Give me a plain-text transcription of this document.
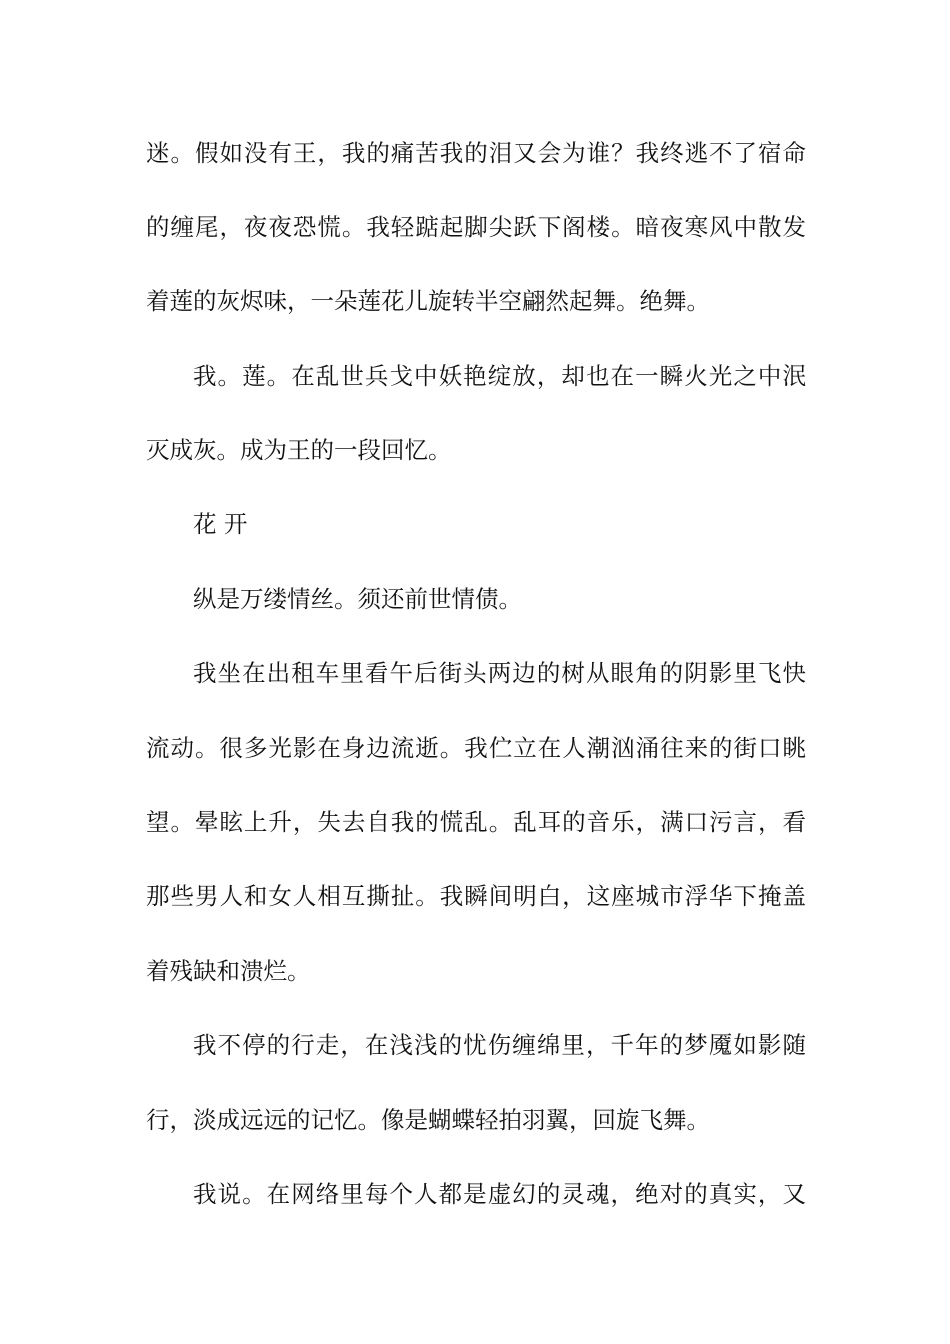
迷。假如没有王，我的痛苦我的泪又会为谁？我终逃不了宿命
的缠尾，夜夜恐慌。我轻踮起脚尖跃下阁楼。暗夜寒风中散发
着莲的灰烬味，一朵莲花儿旋转半空翩然起舞。绝舞。
我。莲。在乱世兵戈中妖艳绽放，却也在一瞬火光之中泯
灭成灰。成为王的一段回忆。
花 开
纵是万缕情丝。须还前世情债。
我坐在出租车里看午后街头两边的树从眼角的阴影里飞快
流动。很多光影在身边流逝。我伫立在人潮汹涌往来的街口眺
望。晕眩上升，失去自我的慌乱。乱耳的音乐，满口污言，看
那些男人和女人相互撕扯。我瞬间明白，这座城市浮华下掩盖
着残缺和溃烂。
我不停的行走，在浅浅的忧伤缠绵里，千年的梦魇如影随
行，淡成远远的记忆。像是蝴蝶轻拍羽翼，回旋飞舞。
我说。在网络里每个人都是虚幻的灵魂，绝对的真实，又
